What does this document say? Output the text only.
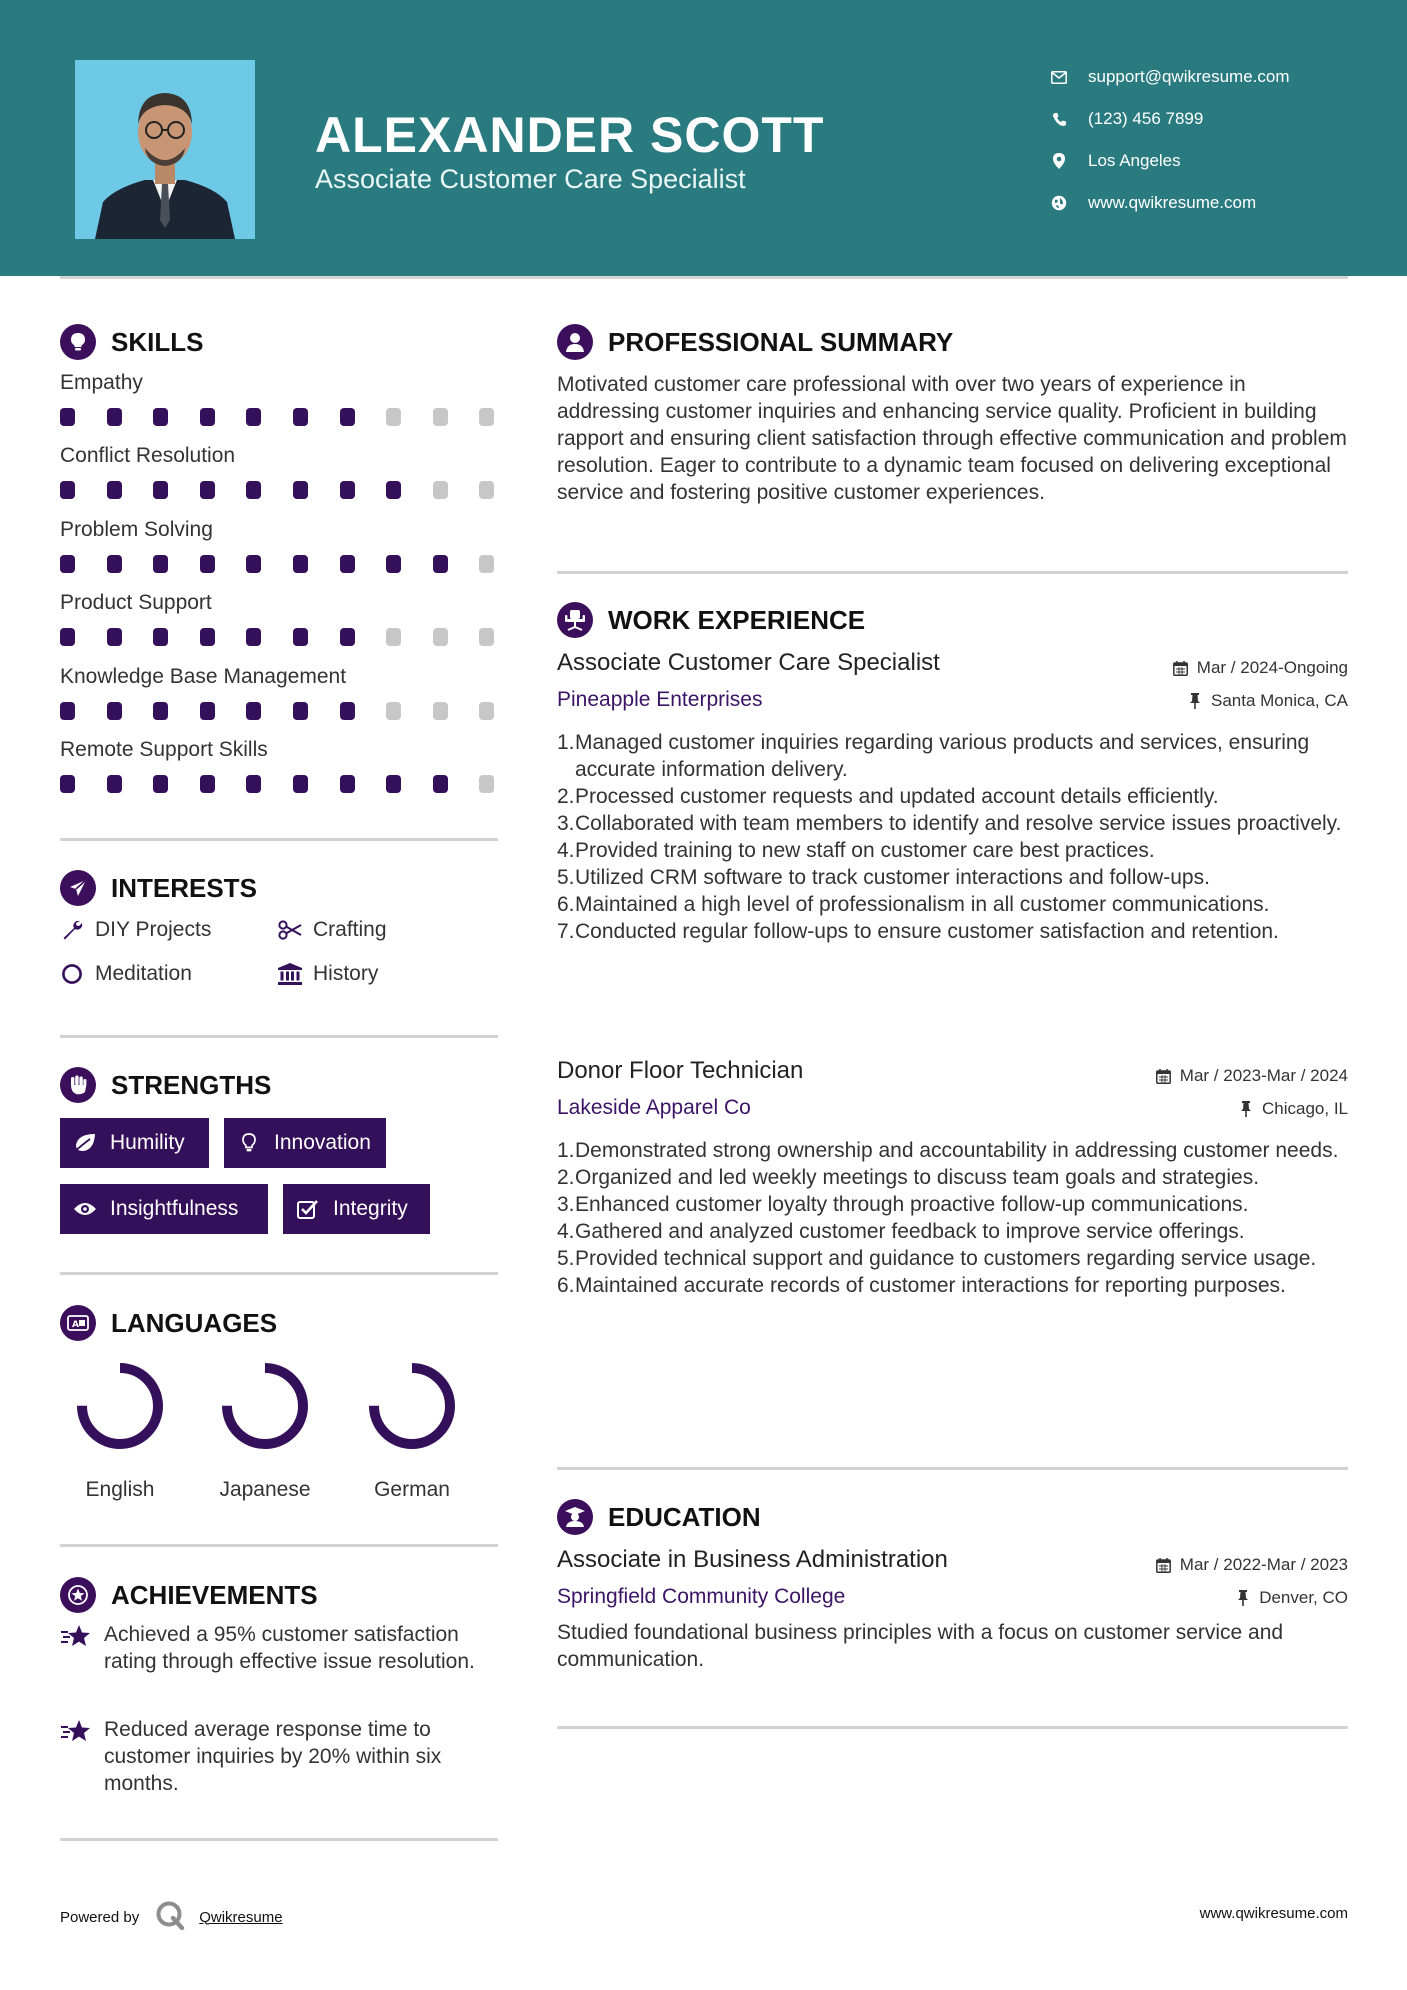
ALEXANDER SCOTT
Associate Customer Care Specialist
support@qwikresume.com
(123) 456 7899
Los Angeles
www.qwikresume.com
SKILLS
Empathy
Conflict Resolution
Problem Solving
Product Support
Knowledge Base Management
Remote Support Skills
INTERESTS
DIY Projects	Crafting
Meditation	History
STRENGTHS
Humility	Innovation
Insightfulness	Integrity
A LANGUAGES
English	Japanese	German
ACHIEVEMENTS
Achieved a 95% customer satisfaction rating through effective issue resolution.
Reduced average response time to customer inquiries by 20% within six months.
PROFESSIONAL SUMMARY
Motivated customer care professional with over two years of experience in addressing customer inquiries and enhancing service quality. Proficient in building rapport and ensuring client satisfaction through effective communication and problem resolution. Eager to contribute to a dynamic team focused on delivering exceptional service and fostering positive customer experiences.
WORK EXPERIENCE
Associate Customer Care Specialist	Mar / 2024-Ongoing
Pineapple Enterprises	Santa Monica, CA
1. Managed customer inquiries regarding various products and services, ensuring accurate information delivery.
2. Processed customer requests and updated account details efficiently.
3. Collaborated with team members to identify and resolve service issues proactively.
4. Provided training to new staff on customer care best practices.
5. Utilized CRM software to track customer interactions and follow-ups.
6. Maintained a high level of professionalism in all customer communications.
7. Conducted regular follow-ups to ensure customer satisfaction and retention.
Donor Floor Technician	Mar / 2023-Mar / 2024
Lakeside Apparel Co	Chicago, IL
1. Demonstrated strong ownership and accountability in addressing customer needs.
2. Organized and led weekly meetings to discuss team goals and strategies.
3. Enhanced customer loyalty through proactive follow-up communications.
4. Gathered and analyzed customer feedback to improve service offerings.
5. Provided technical support and guidance to customers regarding service usage.
6. Maintained accurate records of customer interactions for reporting purposes.
EDUCATION
Associate in Business Administration	Mar / 2022-Mar / 2023
Springfield Community College	Denver, CO
Studied foundational business principles with a focus on customer service and communication.
Powered by	Qwikresume	www.qwikresume.com
